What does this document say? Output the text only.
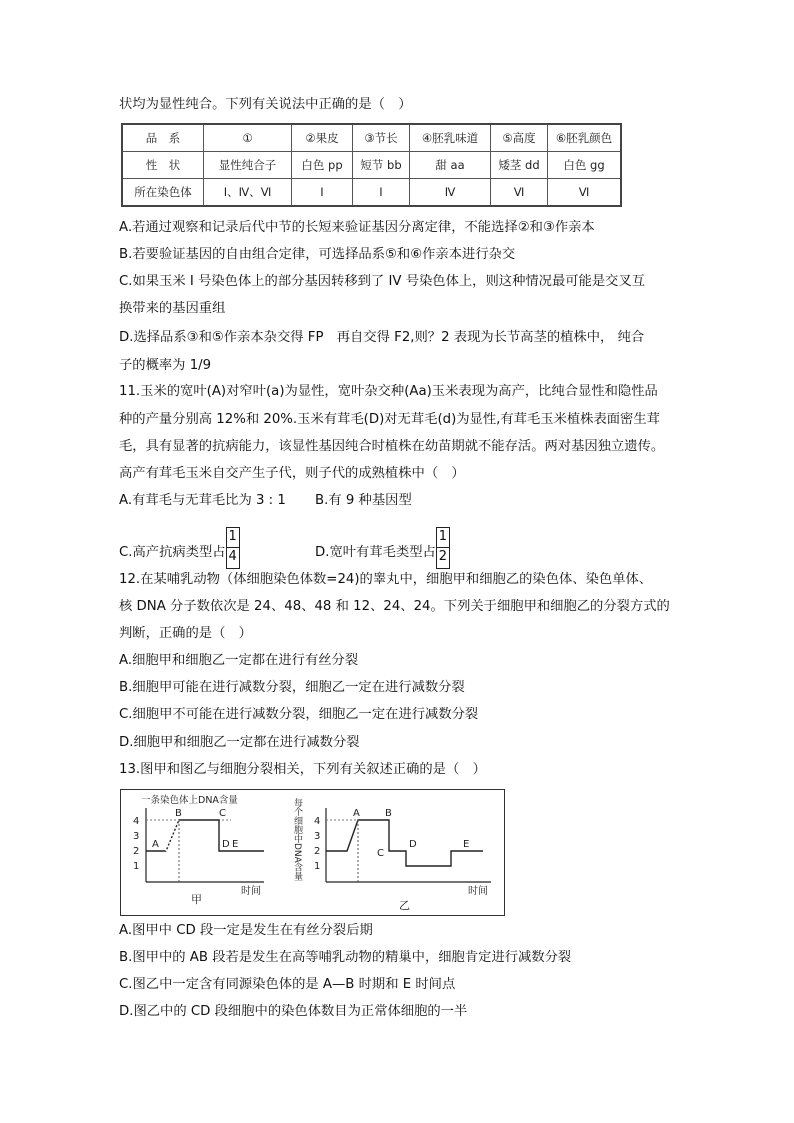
状均为显性纯合。下列有关说法中正确的是（　）
品　系	①	②果皮	③节长	④胚乳味道	⑤高度	⑥胚乳颜色
性　状	显性纯合子	白色 pp	短节 bb	甜 aa	矮茎 dd	白色 gg
所在染色体	Ⅰ、Ⅳ、Ⅵ	Ⅰ	Ⅰ	Ⅳ	Ⅵ	Ⅵ
A.若通过观察和记录后代中节的长短来验证基因分离定律，不能选择②和③作亲本
B.若要验证基因的自由组合定律，可选择品系⑤和⑥作亲本进行杂交
C.如果玉米 I 号染色体上的部分基因转移到了 IV 号染色体上，则这种情况最可能是交叉互
换带来的基因重组
D.选择品系③和⑤作亲本杂交得 FP　再自交得 F2,则？2 表现为长节高茎的植株中， 纯合
子的概率为 1/9
11.玉米的宽叶(A)对窄叶(a)为显性，宽叶杂交种(Aa)玉米表现为高产，比纯合显性和隐性品
种的产量分别高 12%和 20%.玉米有茸毛(D)对无茸毛(d)为显性,有茸毛玉米植株表面密生茸
毛，具有显著的抗病能力，该显性基因纯合时植株在幼苗期就不能存活。两对基因独立遗传。
高产有茸毛玉米自交产生子代，则子代的成熟植株中（　）
A.有茸毛与无茸毛比为 3 : 1 B.有 9 种基因型
C.高产抗病类型占 $\frac{1}{4}$	D.宽叶有茸毛类型占 $\frac{1}{2}$
12.在某哺乳动物（体细胞染色体数=24)的睾丸中，细胞甲和细胞乙的染色体、染色单体、
核 DNA 分子数依次是 24、48、48 和 12、24、24。下列关于细胞甲和细胞乙的分裂方式的
判断，正确的是（　）
A.细胞甲和细胞乙一定都在进行有丝分裂
B.细胞甲可能在进行减数分裂，细胞乙一定在进行减数分裂
C.细胞甲不可能在进行减数分裂，细胞乙一定在进行减数分裂
D.细胞甲和细胞乙一定都在进行减数分裂
13.图甲和图乙与细胞分裂相关，下列有关叙述正确的是（　）
一条染色体上DNA含量
4
3
2
1
A
B	C
D E
时间
甲
每个细胞中DNA含量 4
3
2
1
A	B
C
D	E
时间
乙
A.图甲中 CD 段一定是发生在有丝分裂后期
B.图甲中的 AB 段若是发生在高等哺乳动物的精巢中，细胞肯定进行减数分裂
C.图乙中一定含有同源染色体的是 A—B 时期和 E 时间点
D.图乙中的 CD 段细胞中的染色体数目为正常体细胞的一半
